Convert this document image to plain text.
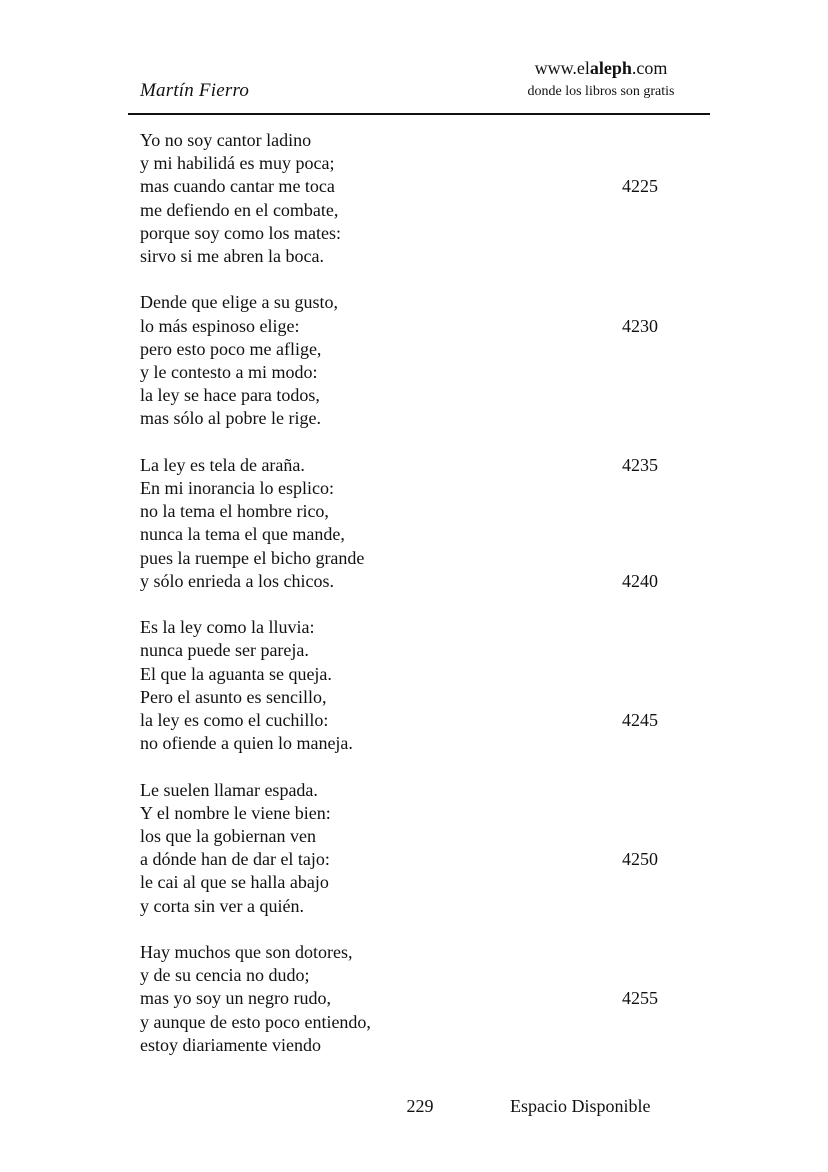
Martín Fierro
www.elaleph.com
donde los libros son gratis
Yo no soy cantor ladino
y mi habilidá es muy poca;
mas cuando cantar me toca
me defiendo en el combate,
porque soy como los mates:
sirvo si me abren la boca.
Dende que elige a su gusto,
lo más espinoso elige:
pero esto poco me aflige,
y le contesto a mi modo:
la ley se hace para todos,
mas sólo al pobre le rige.
La ley es tela de araña.
En mi inorancia lo esplico:
no la tema el hombre rico,
nunca la tema el que mande,
pues la ruempe el bicho grande
y sólo enrieda a los chicos.
Es la ley como la lluvia:
nunca puede ser pareja.
El que la aguanta se queja.
Pero el asunto es sencillo,
la ley es como el cuchillo:
no ofiende a quien lo maneja.
Le suelen llamar espada.
Y el nombre le viene bien:
los que la gobiernan ven
a dónde han de dar el tajo:
le cai al que se halla abajo
y corta sin ver a quién.
Hay muchos que son dotores,
y de su cencia no dudo;
mas yo soy un negro rudo,
y aunque de esto poco entiendo,
estoy diariamente viendo
4225
4230
4235
4240
4245
4250
4255
229	Espacio Disponible
